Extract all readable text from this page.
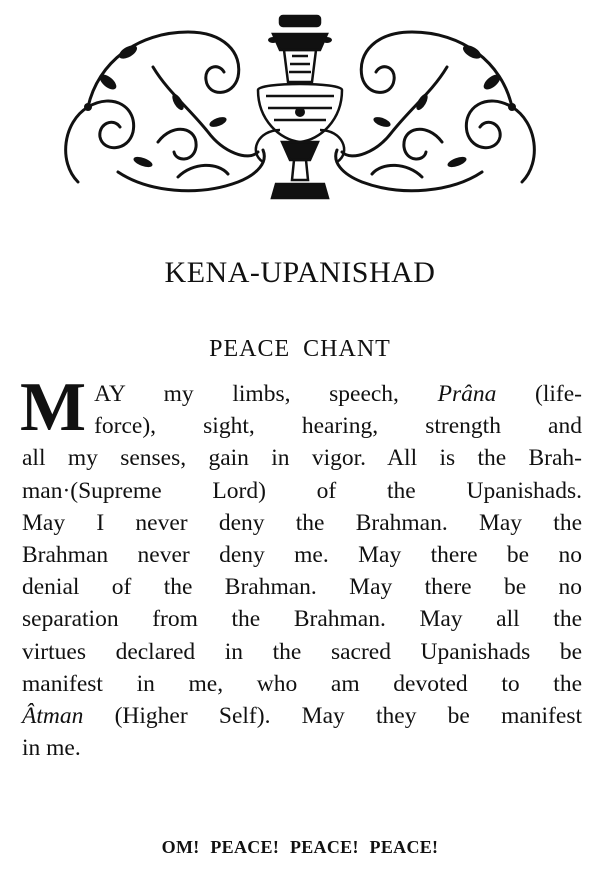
KENA-UPANISHAD
PEACE CHANT
M AY my limbs, speech, Prâna (life-
force), sight, hearing, strength and
all my senses, gain in vigor. All is the Brah-
man·(Supreme Lord) of the Upanishads.
May I never deny the Brahman. May the
Brahman never deny me. May there be no
denial of the Brahman. May there be no
separation from the Brahman. May all the
virtues declared in the sacred Upanishads be
manifest in me, who am devoted to the
Âtman (Higher Self). May they be manifest
in me.
OM! PEACE! PEACE! PEACE!
